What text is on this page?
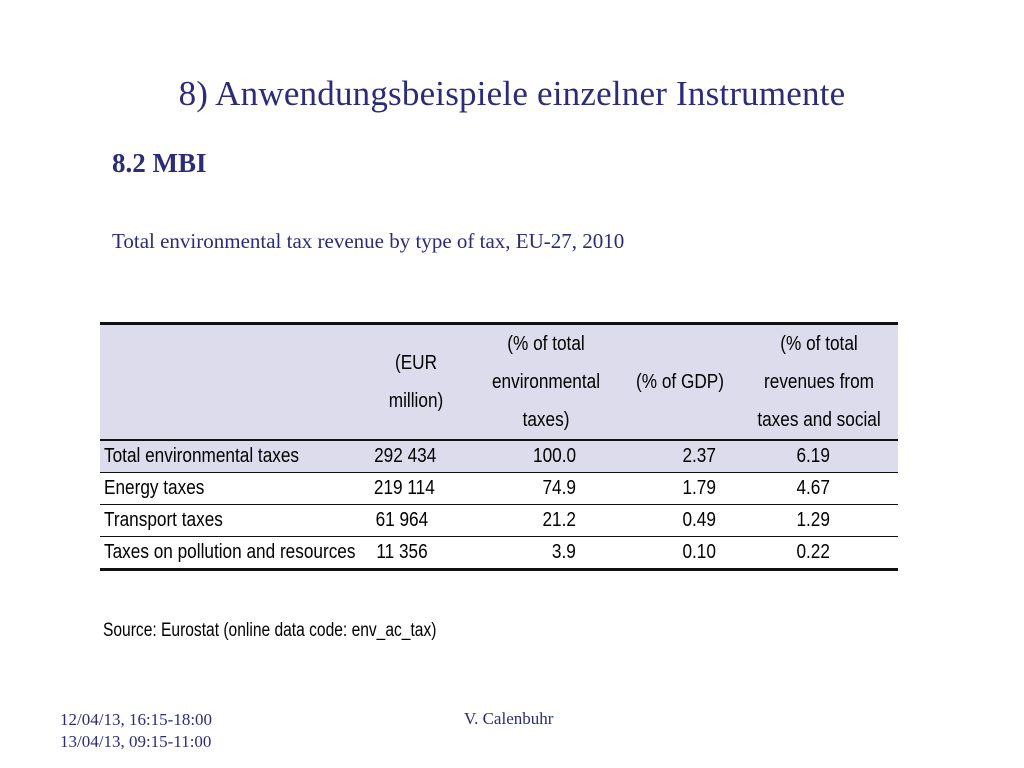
8) Anwendungsbeispiele einzelner Instrumente
8.2 MBI
Total environmental tax revenue by type of tax, EU-27, 2010
	(EUR million)	(% of total environmental taxes)	(% of GDP)	(% of total revenues from taxes and social
Total environmental taxes	292 434	100.0	2.37	6.19
Energy taxes	219 114	74.9	1.79	4.67
Transport taxes	61 964	21.2	0.49	1.29
Taxes on pollution and resources	11 356	3.9	0.10	0.22
Source: Eurostat (online data code: env_ac_tax)
12/04/13, 16:15-18:00
13/04/13, 09:15-11:00
V. Calenbuhr
